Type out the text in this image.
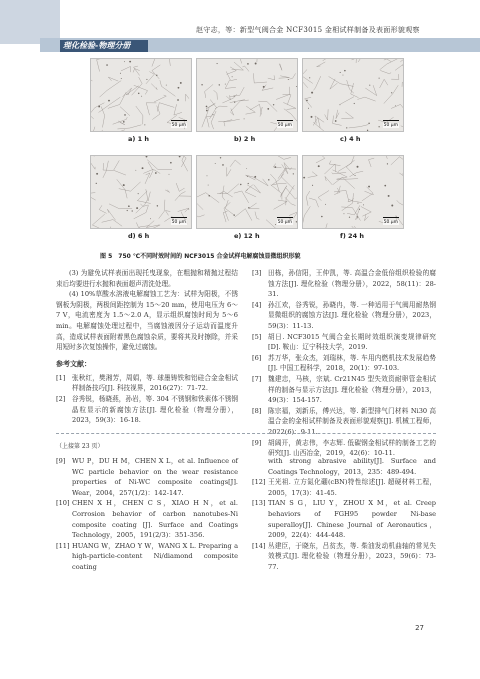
理化检验-物理分册
赵守志，等：新型气阀合金 NCF3015 金相试样制备及表面形貌观察
50 μm
a) 1 h
50 μm
b) 2 h
50 μm
c) 4 h
50 μm
d) 6 h
50 μm
e) 12 h
50 μm
f) 24 h
图 5　750 ℃不同时效时间的 NCF3015 合金试样电解腐蚀显微组织形貌

(3) 为避免试样表面出现托曳现象，在粗抛和精抛过程结束后均要进行水抛和表面超声清洗处理。

(4) 10%草酸水溶液电解腐蚀工艺为：试样为阳极，不锈钢板为阴极，两极间距控制为 15～20 mm，使用电压为 6～7 V，电流密度为 1.5～2.0 A，显示组织腐蚀时间为 5～6 min。电解腐蚀处理过程中，当腐蚀液因分子运动而温度升高，造成试样表面附着黑色腐蚀杂质，要将其及时擦除，并采用短时多次复蚀操作，避免过腐蚀。

参考文献：
[1]	张秋红，樊湘芳，周娟，等. 球墨铸铁和铝硅合金金相试样制备技巧[J]. 科技视界，2016(27)：71-72.
[2]	谷秀锐，杨晓燕，孙岩，等. 304 不锈钢和铁素体不锈钢晶粒显示的新腐蚀方法[J]. 理化检验（物理分册），2023，59(3)：16-18.
[3]	田栋，孙信阳，王仲凯，等. 高温合金低倍组织检验的腐蚀方法[J]. 理化检验（物理分册），2022，58(11)：28-31.
[4]	孙江欢，谷秀锐，孙晓冉，等. 一种适用于气阀用耐热钢显微组织的腐蚀方法[J]. 理化检验（物理分册），2023，59(3)：11-13.
[5]	胡日. NCF3015 气阀合金长期时效组织演变规律研究[D]. 鞍山：辽宁科技大学，2019.
[6]	苏万华，张众杰，刘瑞林，等. 车用内燃机技术发展趋势[J]. 中国工程科学，2018，20(1)：97-103.
[7]	魏建忠，马核，宗斌. Cr21N45 型失效资耐卵管金相试样的制备与显示方法[J]. 理化检验（物理分册），2013，49(3)：154-157.
[8]	陈宗福，刘新乐，傅兴达，等. 新型排气门材料 Ni30 高温合金的金相试样制备及表面形貌观察[J]. 机械工程师，2022(6)：9-11.
[9]	胡阔开，黄志伟，李志辉. 低碳钢金相试样的制备工艺的研究[J]. 山西冶金，2019，42(6)：10-11.
（上接第 23 页）
[9]	WU P，DU H M，CHEN X L，et al. Influence of WC particle behavior on the wear resistance properties of Ni-WC composite coatings[J]. Wear，2004，257(1/2)：142-147.
[10] CHEN X H，CHEN C S，XIAO H N，et al. Corrosion behavior of carbon nanotubes-Ni composite coating [J]. Surface and Coatings Technology，2005，191(2/3)：351-356.
[11] HUANG W，ZHAO Y W，WANG X L. Preparing a high-particle-content Ni/diamond composite coating

with strong abrasive ability[J]. Surface and Coatings Technology，2013，235：489-494.

[12] 王光祖. 立方氮化硼(cBN)特性综述[J]. 超硬材料工程，2005，17(3)：41-45.
[13] TIAN S G，LIU Y，ZHOU X M，et al. Creep behaviors of FGH95 powder Ni-base superalloy[J]. Chinese Journal of Aeronautics，2009，22(4)：444-448.
[14] 丛建臣，于晓东，吕贫杰，等. 柴油发动机曲轴的常见失效模式[J]. 理化检验（物理分册），2023，59(6)：73-77.
27
